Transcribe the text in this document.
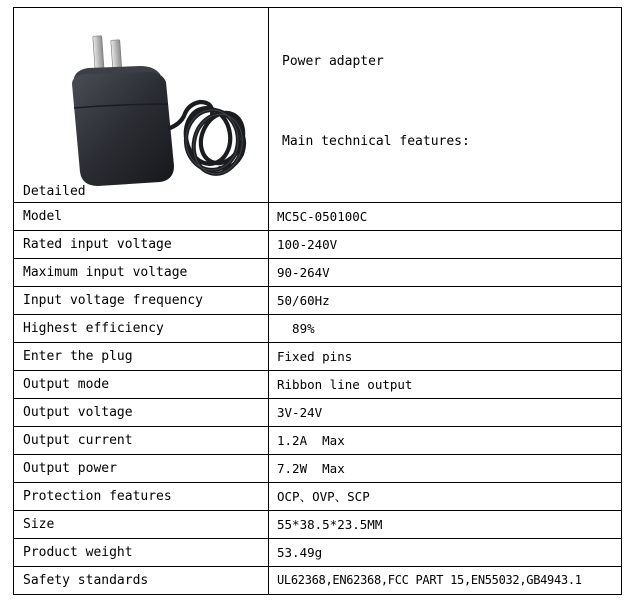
Detailed	Power adapter

Main technical features:

Model	MC5C-050100C
Rated input voltage	100-240V
Maximum input voltage	90-264V
Input voltage frequency	50/60Hz
Highest efficiency	89%
Enter the plug	Fixed pins
Output mode	Ribbon line output
Output voltage	3V-24V
Output current	1.2A  Max
Output power	7.2W  Max
Protection features	OCP、OVP、SCP
Size	55*38.5*23.5MM
Product weight	53.49g
Safety standards	UL62368,EN62368,FCC PART 15,EN55032,GB4943.1
